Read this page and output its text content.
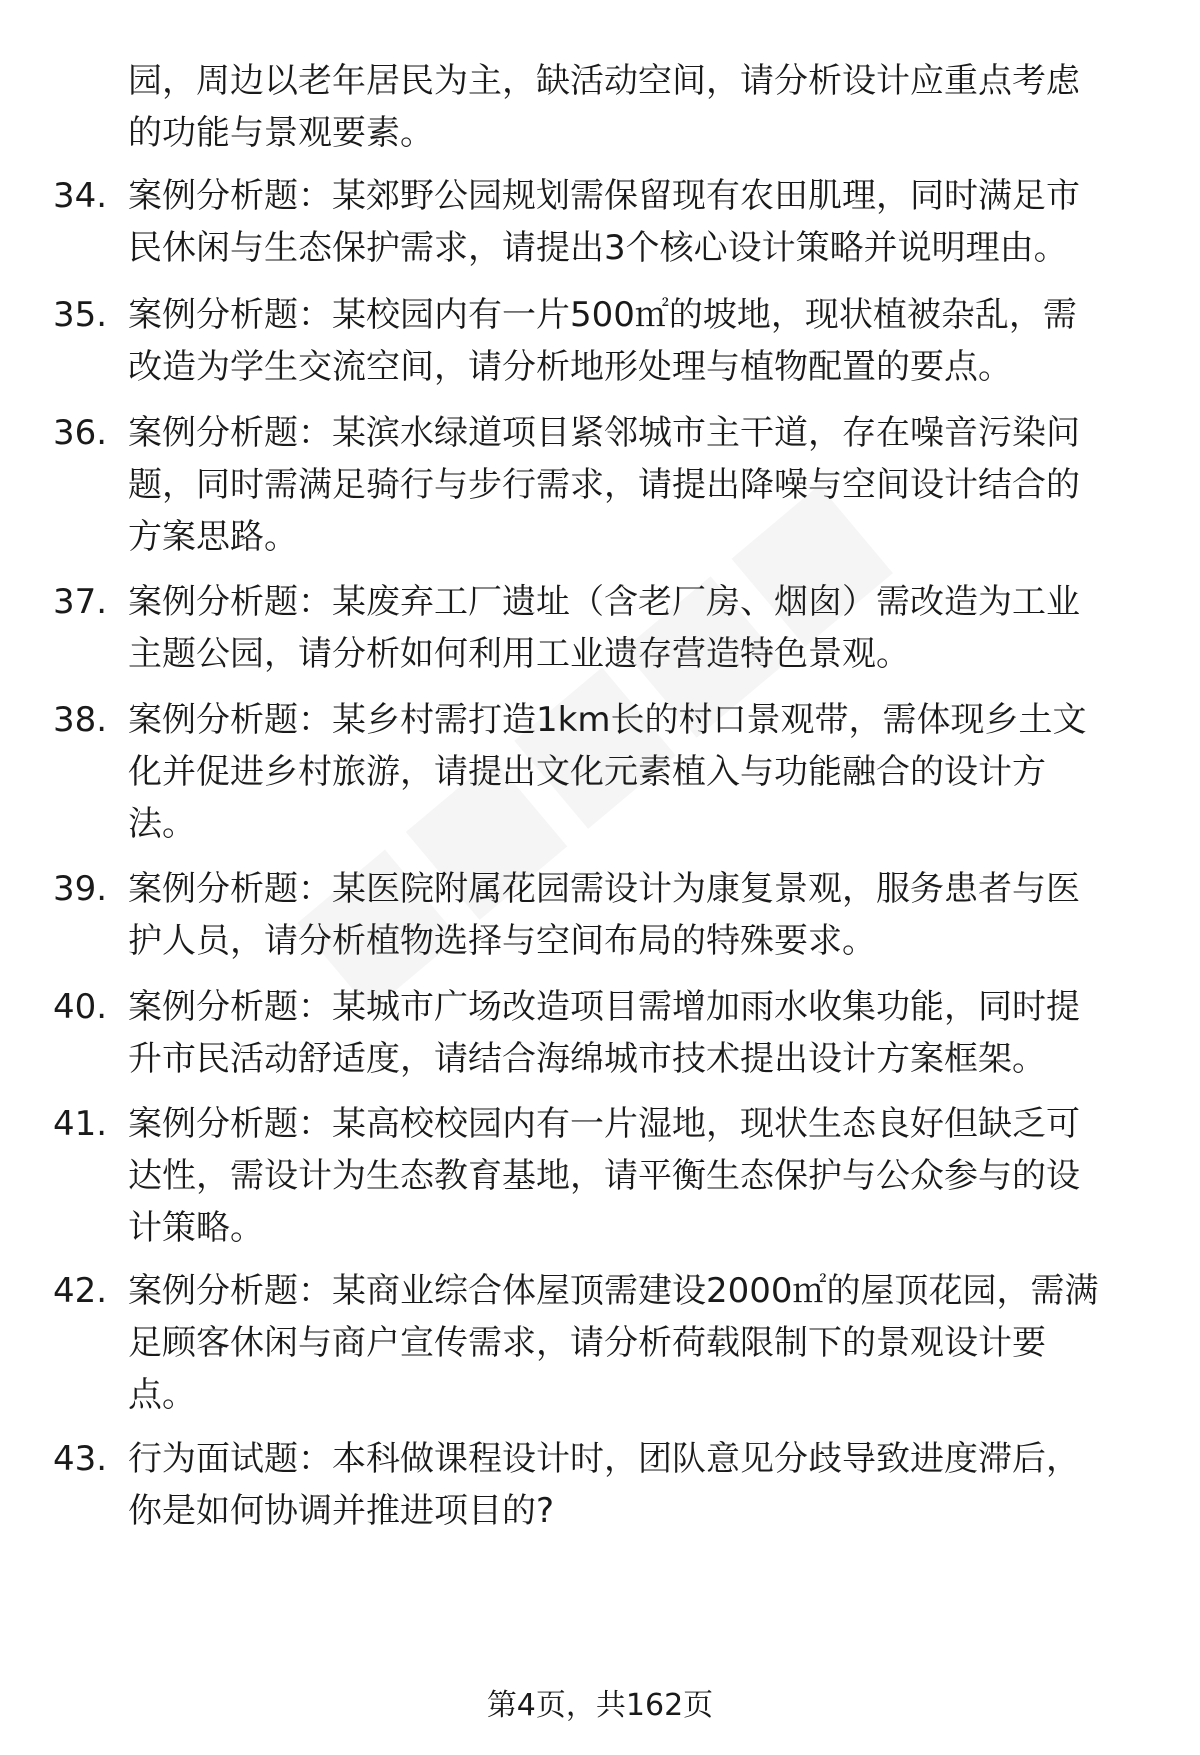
园，周边以老年居民为主，缺活动空间，请分析设计应重点考虑
的功能与景观要素。
34. 案例分析题：某郊野公园规划需保留现有农田肌理，同时满足市
民休闲与生态保护需求，请提出3个核心设计策略并说明理由。
35. 案例分析题：某校园内有一片500㎡的坡地，现状植被杂乱，需
改造为学生交流空间，请分析地形处理与植物配置的要点。
36. 案例分析题：某滨水绿道项目紧邻城市主干道，存在噪音污染问
题，同时需满足骑行与步行需求，请提出降噪与空间设计结合的
方案思路。
37. 案例分析题：某废弃工厂遗址（含老厂房、烟囱）需改造为工业
主题公园，请分析如何利用工业遗存营造特色景观。
38. 案例分析题：某乡村需打造1km长的村口景观带，需体现乡土文
化并促进乡村旅游，请提出文化元素植入与功能融合的设计方
法。
39. 案例分析题：某医院附属花园需设计为康复景观，服务患者与医
护人员，请分析植物选择与空间布局的特殊要求。
40. 案例分析题：某城市广场改造项目需增加雨水收集功能，同时提
升市民活动舒适度，请结合海绵城市技术提出设计方案框架。
41. 案例分析题：某高校校园内有一片湿地，现状生态良好但缺乏可
达性，需设计为生态教育基地，请平衡生态保护与公众参与的设
计策略。
42. 案例分析题：某商业综合体屋顶需建设2000㎡的屋顶花园，需满
足顾客休闲与商户宣传需求，请分析荷载限制下的景观设计要
点。
43. 行为面试题：本科做课程设计时，团队意见分歧导致进度滞后，
你是如何协调并推进项目的?
第4页，共162页
